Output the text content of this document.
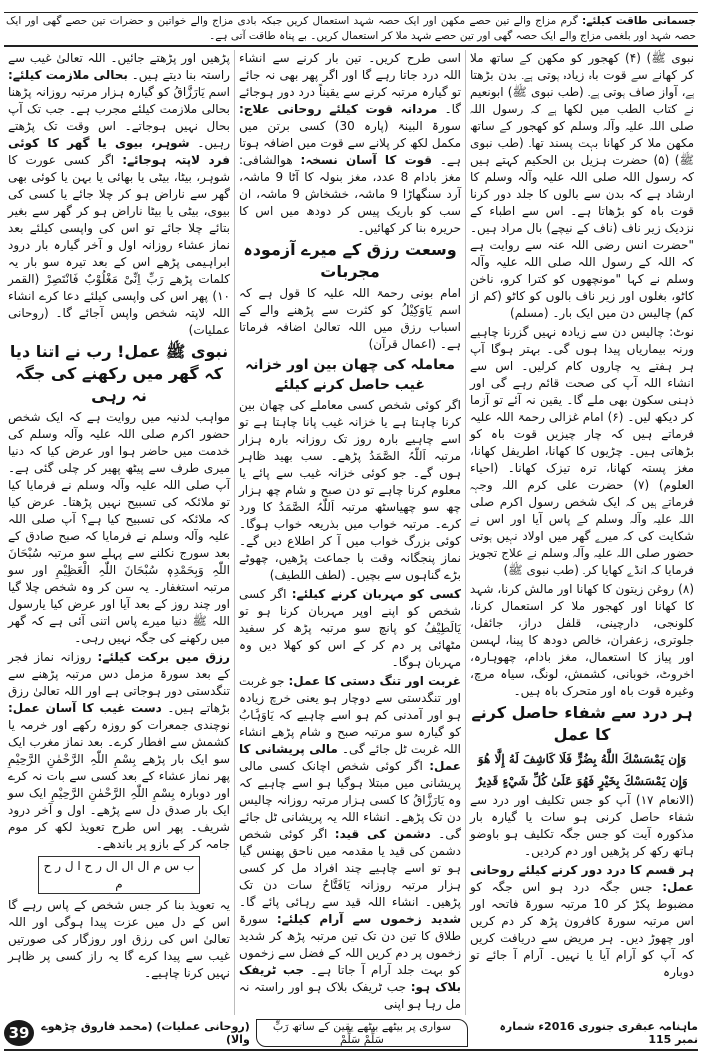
جسمانی طاقت کیلئے: گرم مزاج والے تین حصے مکھن اور ایک حصہ شہد استعمال کریں جبکہ بادی مزاج والے خواتین و حضرات تین حصے گھی اور ایک حصہ شہد اور بلغمی مزاج والے ایک حصہ گھی اور تین حصے شہد ملا کر استعمال کریں۔ بے پناہ طاقت آتی ہے۔

نبوی ﷺ) (۴) کھجور کو مکھن کے ساتھ ملا کر کھانے سے قوت باہ زیادہ ہوتی ہے۔ بدن بڑھتا ہے، آواز صاف ہوتی ہے۔ (طب نبوی ﷺ) ابونعیم نے کتاب الطب میں لکھا ہے کہ رسول اللہ صلی اللہ علیہ وآلہ وسلم کو کھجور کے ساتھ مکھن ملا کر کھانا بہت پسند تھا۔ (طب نبوی ﷺ) (۵) حضرت ہزیل بن الحکیم کہتے ہیں کہ رسول اللہ صلی اللہ علیہ وآلہ وسلم کا ارشاد ہے کہ بدن سے بالوں کا جلد دور کرنا قوت باہ کو بڑھاتا ہے۔ اس سے اطباء کے نزدیک زیر ناف (ناف کے نیچے) بال مراد ہیں۔ "حضرت انس رضی اللہ عنہ سے روایت ہے کہ اللہ کے رسول اللہ صلی اللہ علیہ وآلہ وسلم نے کہا "مونچھوں کو کترا کرو، ناخن کاٹو، بغلوں اور زیر ناف بالوں کو کاٹو (کم از کم) چالیس دن میں ایک بار۔ (مسلم)

نوٹ: چالیس دن سے زیادہ نہیں گزرنا چاہیے ورنہ بیماریاں پیدا ہوں گی۔ بہتر ہوگا آپ ہر ہفتے یہ چاروں کام کرلیں۔ اس سے انشاء اللہ آپ کی صحت قائم رہے گی اور ذہنی سکون بھی ملے گا۔ یقین نہ آئے تو آزما کر دیکھ لیں۔ (۶) امام غزالی رحمۃ اللہ علیہ فرماتے ہیں کہ چار چیزیں قوت باہ کو بڑھاتی ہیں۔ چڑیوں کا کھانا، اطریفل کھانا، مغز پستہ کھانا، ترہ تیزک کھانا۔ (احیاء العلوم) (۷) حضرت علی کرم اللہ وجہہ فرماتے ہیں کہ ایک شخص رسول اکرم صلی اللہ علیہ وآلہ وسلم کے پاس آیا اور اس نے شکایت کی کہ میرے گھر میں اولاد نہیں ہوتی حضور صلی اللہ علیہ وآلہ وسلم نے علاج تجویز فرمایا کہ انڈے کھایا کر۔ (طب نبوی ﷺ)

(۸) روغن زیتون کا کھانا اور مالش کرنا، شہد کا کھانا اور کھجور ملا کر استعمال کرنا، کلونجی، دارچینی، قلفل دراز، جائفل، جلوتری، زعفران، خالص دودھ کا پینا، لہسن اور پیاز کا استعمال، مغز بادام، چھوہارہ، اخروٹ، خوبانی، کشمش، لونگ، سیاہ مرچ، وغیرہ قوت باہ اور متحرک باہ ہیں۔

ہر درد سے شفاء حاصل کرنے کا عمل
وَإِن يَمْسَسْكَ اللَّهُ بِضُرٍّ فَلَا كَاشِفَ لَهُ إِلَّا هُوَ وَإِن يَمْسَسْكَ بِخَيْرٍ فَهُوَ عَلَىٰ كُلِّ شَيْءٍ قَدِيرٌ

(الانعام ۱۷) آپ کو جس تکلیف اور درد سے شفاء حاصل کرنی ہو سات یا گیارہ بار مذکورہ آیت کو جس جگہ تکلیف ہو باوضو ہاتھ رکھ کر پڑھیں اور دم کردیں۔

ہر قسم کا درد دور کرنے کیلئے روحانی عمل: جس جگہ درد ہو اس جگہ کو مضبوط پکڑ کر 10 مرتبہ سورۃ فاتحہ اور اس مرتبہ سورۃ کافرون پڑھ کر دم کریں اور چھوڑ دیں۔ ہر مریض سے دریافت کریں کہ آپ کو آرام آیا یا نہیں۔ آرام آ جائے تو دوبارہ

اسی طرح کریں۔ تین بار کرنے سے انشاء اللہ درد جاتا رہے گا اور اگر پھر بھی نہ جائے تو گیارہ مرتبہ کرنے سے یقیناً درد دور ہوجائے گا۔ مردانہ قوت کیلئے روحانی علاج: سورۃ البینۃ (پارہ 30) کسی برتن میں مکمل لکھ کر پلانے سے قوت میں اضافہ ہوتا ہے۔ قوت کا آسان نسخہ: ھوالشافی: مغز بادام 8 عدد، مغز بنولہ کا آٹا 9 ماشہ، آرد سنگھاڑا 9 ماشہ، خشخاش 9 ماشہ، ان سب کو باریک پیس کر دودھ میں اس کا حریرہ بنا کر کھائیں۔

وسعت رزق کے میرے آزمودہ مجربات

امام بونی رحمۃ اللہ علیہ کا قول ہے کہ اسم یَاوَکِیْلُ کو کثرت سے پڑھنے والے کے اسباب رزق میں اللہ تعالیٰ اضافہ فرماتا ہے۔ (اعمال قرآن)

معاملہ کی چھان بین اور خزانہ غیب حاصل کرنے کیلئے

اگر کوئی شخص کسی معاملے کی چھان بین کرنا چاہتا ہے یا خزانہ غیب پانا چاہتا ہے تو اسے چاہیے بارہ روز تک روزانہ بارہ ہزار مرتبہ اَللّٰہُ الصَّمَدُ پڑھے۔ سب بھید ظاہر ہوں گے۔ جو کوئی خزانہ غیب سے پائے یا معلوم کرنا چاہے تو دن صبح و شام چھ ہزار چھ سو چھیاسٹھ مرتبہ اَللّٰہُ الصَّمَدُ کا ورد کرے۔ مرتبہ خواب میں بذریعہ خواب ہوگا۔ کوئی بزرگ خواب میں آ کر اطلاع دیں گے۔ نماز پنجگانہ وقت با جماعت پڑھیں، چھوٹے بڑے گناہوں سے بچیں۔ (لطف اللطیف)

کسی کو مہربان کرنے کیلئے: اگر کسی شخص کو اپنے اوپر مہربان کرنا ہو تو یَالَطِیْفُ کو پانچ سو مرتبہ پڑھ کر سفید مٹھائی پر دم کر کے اس کو کھلا دیں وہ مہربان ہوگا۔

غربت اور تنگ دستی کا عمل: جو غربت اور تنگدستی سے دوچار ہو یعنی خرچ زیادہ ہو اور آمدنی کم ہو اسے چاہیے کہ یَاوَہَّابُ کو گیارہ سو مرتبہ صبح و شام پڑھے انشاء اللہ غربت ٹل جائے گی۔ مالی پریشانی کا عمل: اگر کوئی شخص اچانک کسی مالی پریشانی میں مبتلا ہوگیا ہو اسے چاہیے کہ وہ یَارَزَّاقُ کا کسی ہزار مرتبہ روزانہ چالیس دن تک پڑھے۔ انشاء اللہ یہ پریشانی ٹل جائے گی۔ دشمن کی قید: اگر کوئی شخص دشمن کی قید یا مقدمہ میں ناحق پھنس گیا ہو تو اسے چاہیے چند افراد مل کر کسی ہزار مرتبہ روزانہ یَافَتَّاحُ سات دن تک پڑھیں۔ انشاء اللہ قید سے رہائی پائے گا۔ شدید زخموں سے آرام کیلئے: سورۃ طلاق کا تین دن تک تین مرتبہ پڑھ کر شدید زخموں پر دم کریں اللہ کے فضل سے زخموں کو بہت جلد آرام آ جاتا ہے۔ جب ٹریفک بلاک ہو: جب ٹریفک بلاک ہو اور راستہ نہ مل رہا ہو اپنی

پڑھیں اور پڑھتے جائیں۔ اللہ تعالیٰ غیب سے راستہ بنا دیتے ہیں۔ بحالی ملازمت کیلئے: اسم یَارَزَّاقُ کو گیارہ ہزار مرتبہ روزانہ پڑھنا بحالی ملازمت کیلئے مجرب ہے۔ جب تک آپ بحال نہیں ہوجاتے۔ اس وقت تک پڑھتے رہیں۔ شوہر، بیوی یا گھر کا کوئی فرد لاپتہ ہوجائے: اگر کسی عورت کا شوہر، بیٹا، بیٹی یا بھائی یا بہن یا کوئی بھی گھر سے ناراض ہو کر چلا جائے یا کسی کی بیوی، بیٹی یا بیٹا ناراض ہو کر گھر سے بغیر بتائے چلا جائے تو اس کی واپسی کیلئے بعد نماز عشاء روزانہ اول و آخر گیارہ بار درود ابراہیمی پڑھے اس کے بعد تیرہ سو بار یہ کلمات پڑھے رَبِّ اِنِّیْ مَغْلُوْبٌ فَانْتَصِرْ (القمر ۱۰) پھر اس کی واپسی کیلئے دعا کرے انشاء اللہ لاپتہ شخص واپس آجائے گا۔ (روحانی عملیات)

نبوی ﷺ عمل! رب نے اتنا دیا کہ گھر میں رکھنے کی جگہ نہ رہی

مواہب لدنیہ میں روایت ہے کہ ایک شخص حضور اکرم صلی اللہ علیہ وآلہ وسلم کی خدمت میں حاضر ہوا اور عرض کیا کہ دنیا میری طرف سے پیٹھ پھیر کر چلی گئی ہے۔ آپ صلی اللہ علیہ وآلہ وسلم نے فرمایا کیا تو ملائکہ کی تسبیح نہیں پڑھتا۔ عرض کیا کہ ملائکہ کی تسبیح کیا ہے؟ آپ صلی اللہ علیہ وآلہ وسلم نے فرمایا کہ صبح صادق کے بعد سورج نکلنے سے پہلے سو مرتبہ سُبْحَانَ اللّٰہِ وَبِحَمْدِہٖ سُبْحَانَ اللّٰہِ الْعَظِیْمِ اور سو مرتبہ استغفار۔ یہ سن کر وہ شخص چلا گیا اور چند روز کے بعد آیا اور عرض کیا یارسول اللہ ﷺ دنیا میرے پاس اتنی آئی ہے کہ گھر میں رکھنے کی جگہ نہیں رہی۔

رزق میں برکت کیلئے: روزانہ نماز فجر کے بعد سورۃ مزمل دس مرتبہ پڑھنے سے تنگدستی دور ہوجاتی ہے اور اللہ تعالیٰ رزق بڑھاتے ہیں۔ دست غیب کا آسان عمل: نوچندی جمعرات کو روزہ رکھے اور خرمہ یا کشمش سے افطار کرے۔ بعد نماز مغرب ایک سو ایک بار پڑھے بِسْمِ اللّٰہِ الرَّحْمٰنِ الرَّحِیْمِ پھر نماز عشاء کے بعد کسی سے بات نہ کرے اور دوبارہ بِسْمِ اللّٰہِ الرَّحْمٰنِ الرَّحِیْمِ ایک سو ایک بار صدق دل سے پڑھے۔ اول و آخر درود شریف۔ پھر اس طرح تعویذ لکھ کر موم جامہ کر کے بازو پر باندھے۔

ب س م ال ال ال ر ح ا ل ر ح م

یہ تعویذ بنا کر جس شخص کے پاس رہے گا اس کے دل میں عزت پیدا ہوگی اور اللہ تعالیٰ اس کی رزق اور روزگار کی صورتیں غیب سے پیدا کرے گا یہ راز کسی پر ظاہر نہیں کرنا چاہیے۔

ماہنامہ عبقری جنوری 2016ء شمارہ نمبر 115
سواری پر بیٹھے بیٹھے یقین کے ساتھ رَبِّ سَلِّمْ سَلِّمْ
(روحانی عملیات) (محمد فاروق چڑھوے والا)
39
